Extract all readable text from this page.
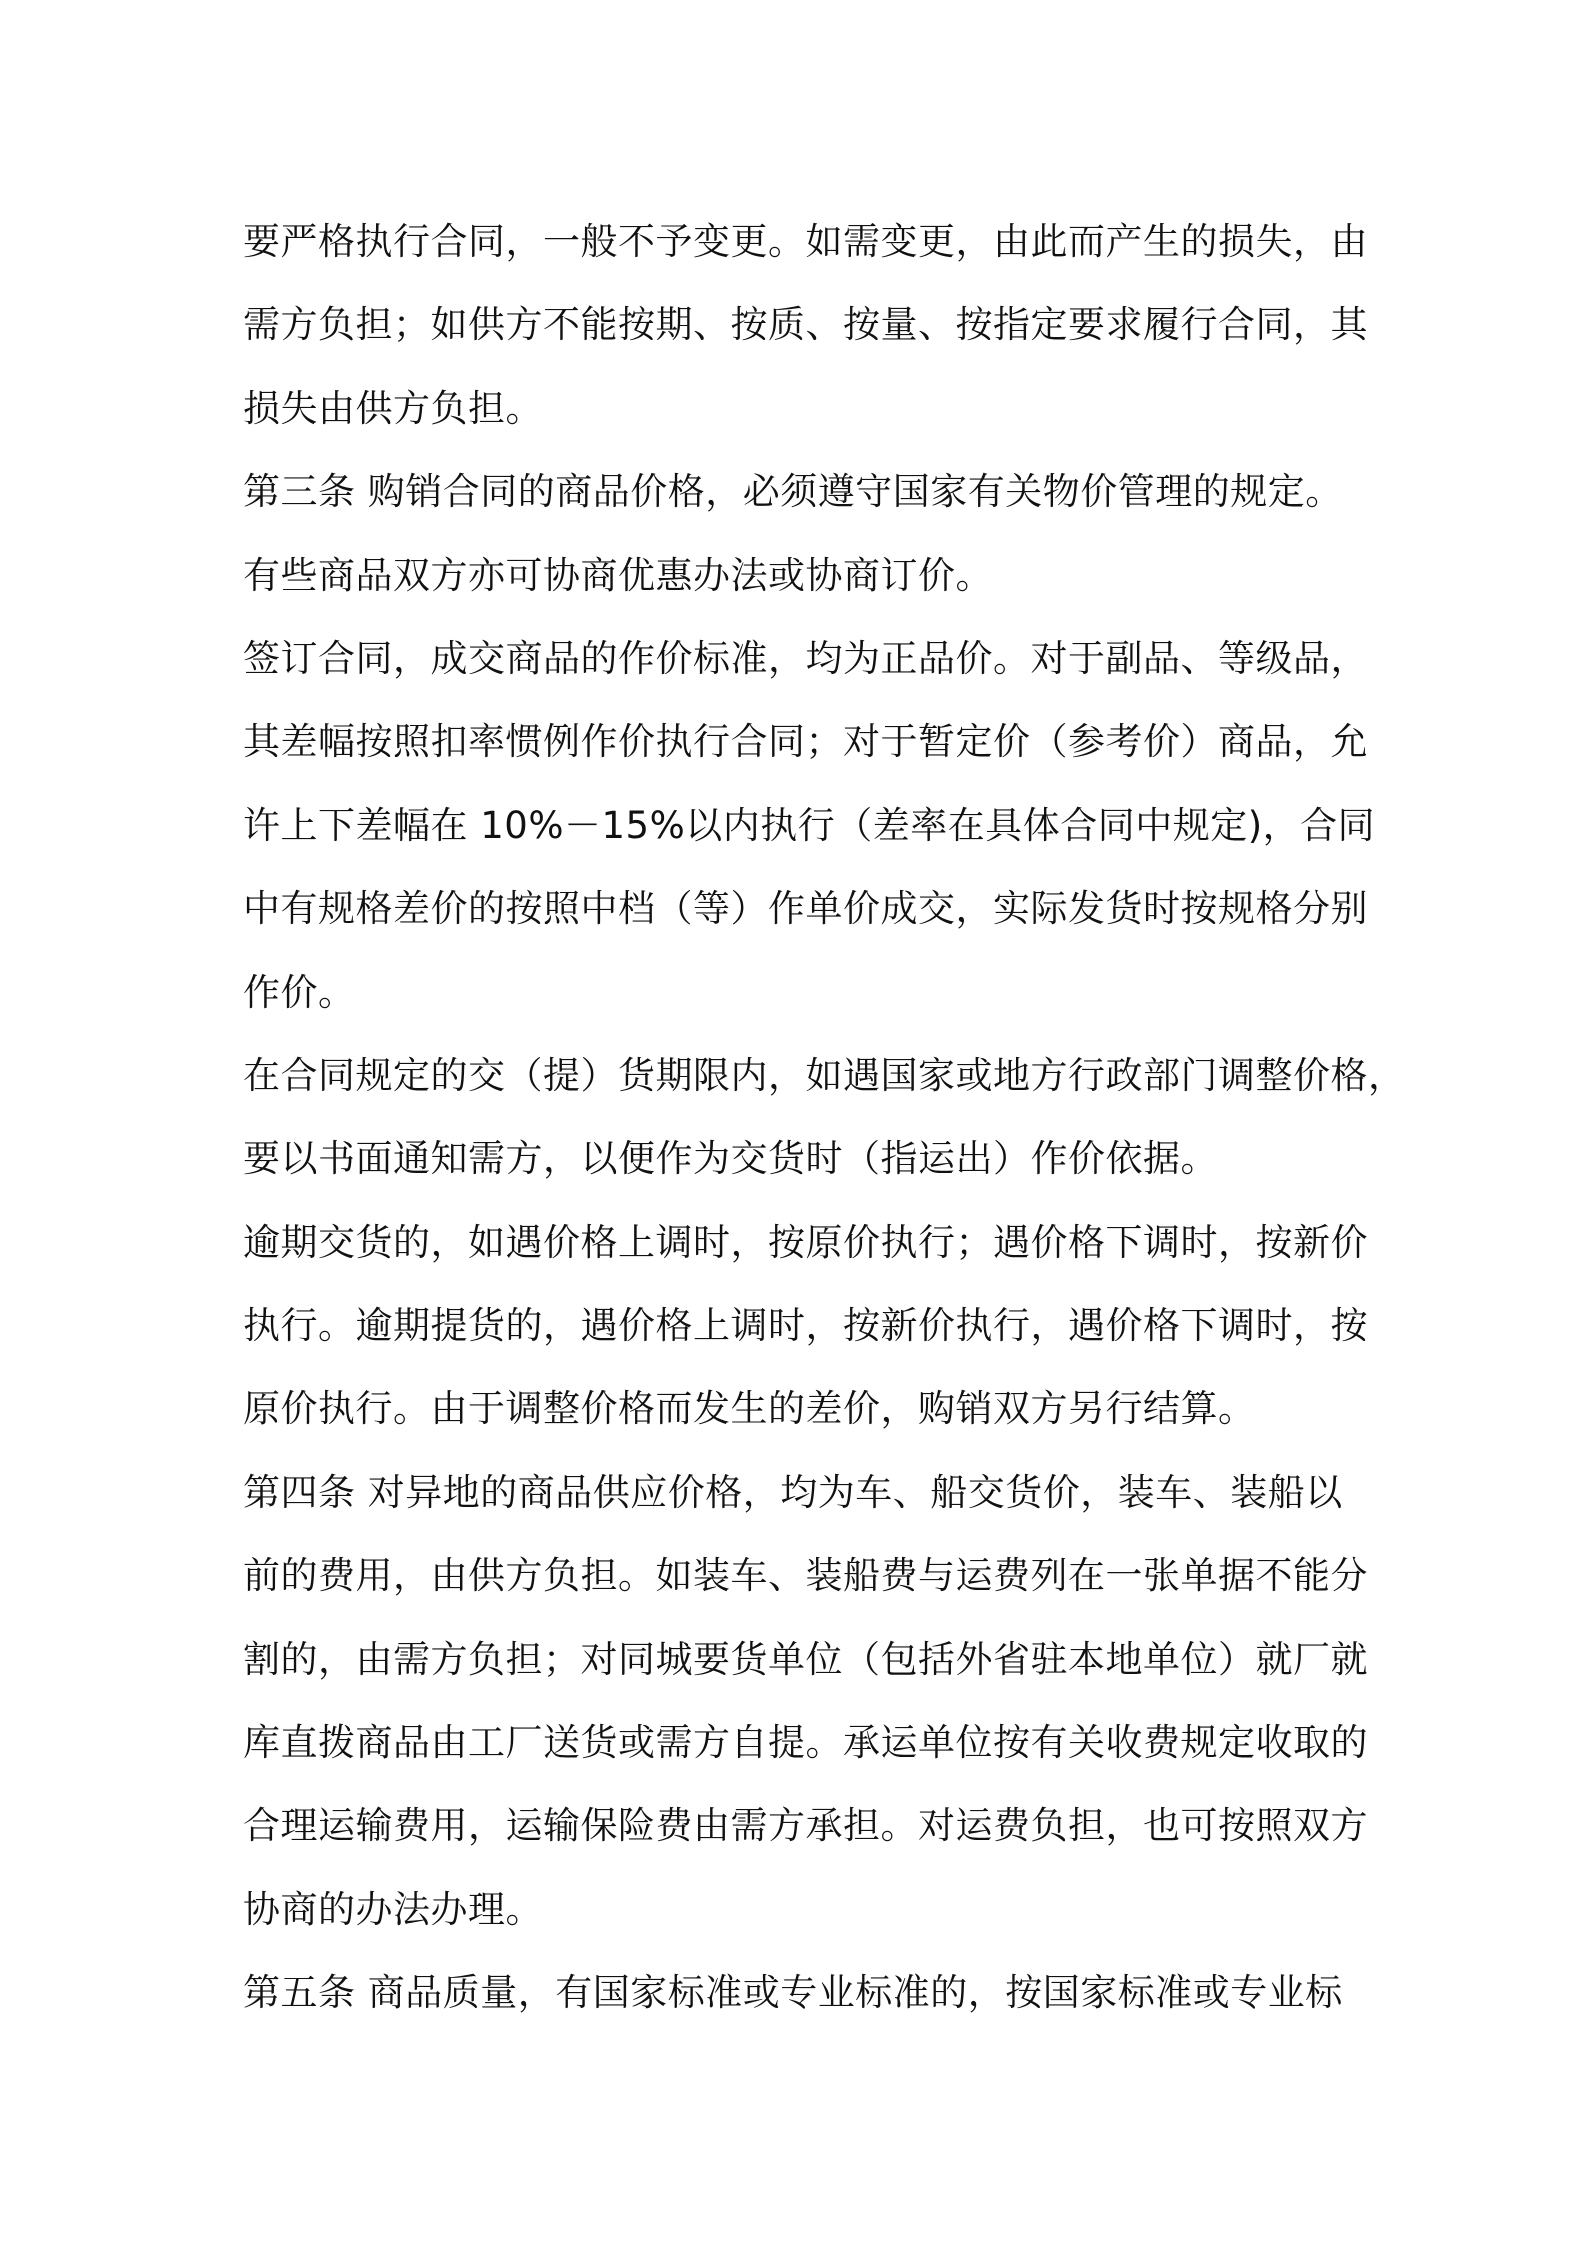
要严格执行合同，一般不予变更。如需变更，由此而产生的损失，由
需方负担；如供方不能按期、按质、按量、按指定要求履行合同，其
损失由供方负担。
第三条 购销合同的商品价格，必须遵守国家有关物价管理的规定。
有些商品双方亦可协商优惠办法或协商订价。
签订合同，成交商品的作价标准，均为正品价。对于副品、等级品，
其差幅按照扣率惯例作价执行合同；对于暂定价（参考价）商品，允
许上下差幅在 10%－15%以内执行（差率在具体合同中规定)，合同
中有规格差价的按照中档（等）作单价成交，实际发货时按规格分别
作价。
在合同规定的交（提）货期限内，如遇国家或地方行政部门调整价格，
要以书面通知需方，以便作为交货时（指运出）作价依据。
逾期交货的，如遇价格上调时，按原价执行；遇价格下调时，按新价
执行。逾期提货的，遇价格上调时，按新价执行，遇价格下调时，按
原价执行。由于调整价格而发生的差价，购销双方另行结算。
第四条 对异地的商品供应价格，均为车、船交货价，装车、装船以
前的费用，由供方负担。如装车、装船费与运费列在一张单据不能分
割的，由需方负担；对同城要货单位（包括外省驻本地单位）就厂就
库直拨商品由工厂送货或需方自提。承运单位按有关收费规定收取的
合理运输费用，运输保险费由需方承担。对运费负担，也可按照双方
协商的办法办理。
第五条 商品质量，有国家标准或专业标准的，按国家标准或专业标
